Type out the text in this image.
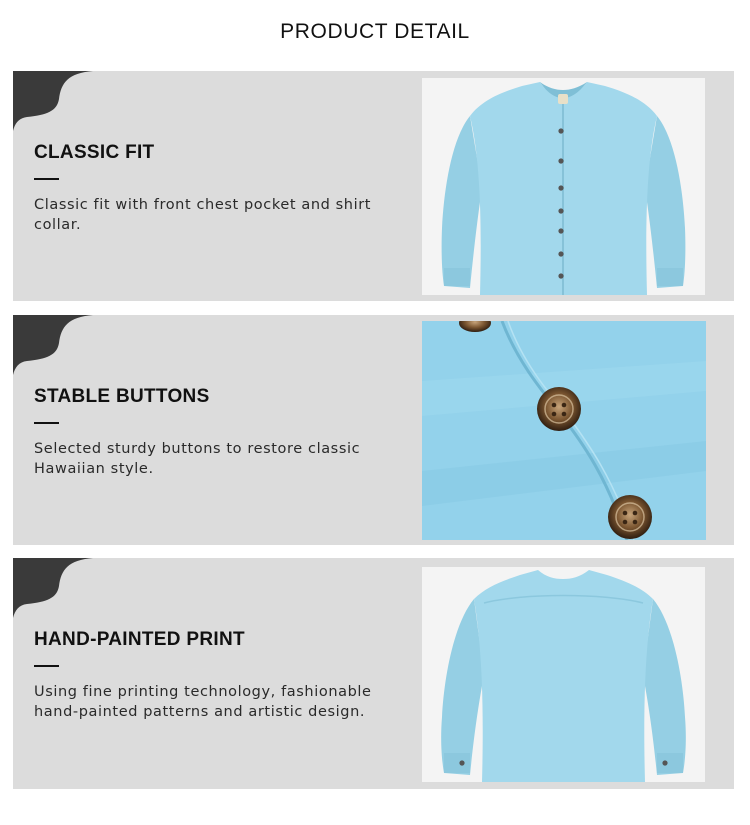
PRODUCT DETAIL
CLASSIC FIT
Classic fit with front chest pocket and shirt collar.
STABLE BUTTONS
Selected sturdy buttons to restore classic Hawaiian style.
HAND-PAINTED PRINT
Using fine printing technology, fashionable hand-painted patterns and artistic design.
